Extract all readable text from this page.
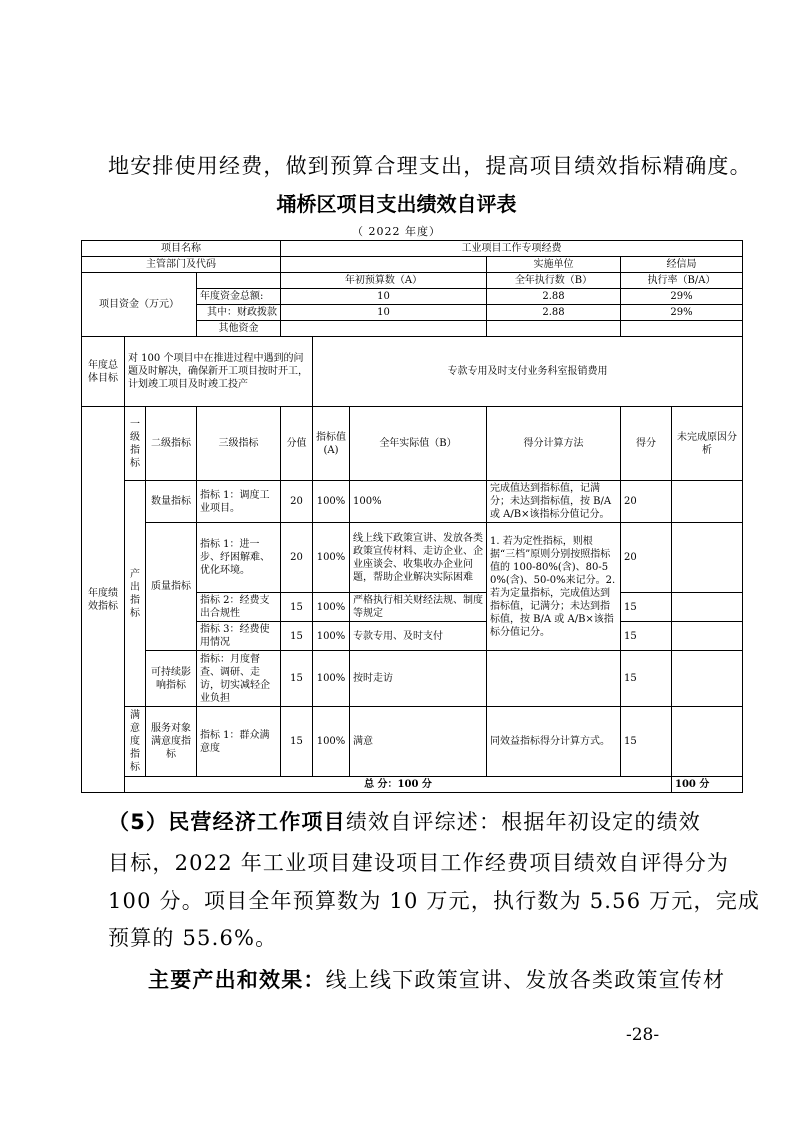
地安排使用经费，做到预算合理支出，提高项目绩效指标精确度。
埇桥区项目支出绩效自评表
（ 2022 年度）
项目名称				工业项目工作专项经费						
主管部门及代码							实施单位	经信局		
项目资金（万元）				年初预算数（A）			全年执行数（B）	执行率（B/A）		
			年度资金总额:	10			2.88	29%		
			其中：财政拨款	10			2.88	29%		
			其他资金							
年度总体目标	对 100 个项目中在推进过程中遇到的问题及时解决，确保新开工项目按时开工，计划竣工项目及时竣工投产				专款专用及时支付业务科室报销费用					
年度绩效指标	一级指标	二级指标	三级指标	分值	指标值(A)	全年实际值（B）	得分计算方法	得分	未完成原因分析	
	产出指标	数量指标	指标 1：调度工业项目。	20	100%	100%	完成值达到指标值，记满分；未达到指标值，按 B/A 或 A/B×该指标分值记分。	20		
		质量指标	指标 1：进一步、纾困解难、优化环境。	20	100%	线上线下政策宣讲、发放各类政策宣传材料、走访企业、企业座谈会、收集收办企业问题，帮助企业解决实际困难	1. 若为定性指标，则根据“三档”原则分别按照指标值的 100-80%(含)、80-50%(含)、50-0%来记分。2. 若为定量指标，完成值达到指标值，记满分；未达到指标值，按 B/A 或 A/B×该指标分值记分。	20		
			指标 2：经费支出合规性	15	100%	严格执行相关财经法规、制度等规定		15		
			指标 3：经费使用情况	15	100%	专款专用、及时支付		15		
		可持续影响指标	指标：月度督查、调研、走访，切实减轻企业负担	15	100%	按时走访		15		
	满意度指标	服务对象满意度指标	指标 1：群众满意度	15	100%	满意	同效益指标得分计算方式。	15		
	总 分：100 分								100 分	
（5）民营经济工作项目绩效自评综述：根据年初设定的绩效
目标，2022 年工业项目建设项目工作经费项目绩效自评得分为
100 分。项目全年预算数为 10 万元，执行数为 5.56 万元，完成
预算的 55.6%。
主要产出和效果：线上线下政策宣讲、发放各类政策宣传材
-28-
